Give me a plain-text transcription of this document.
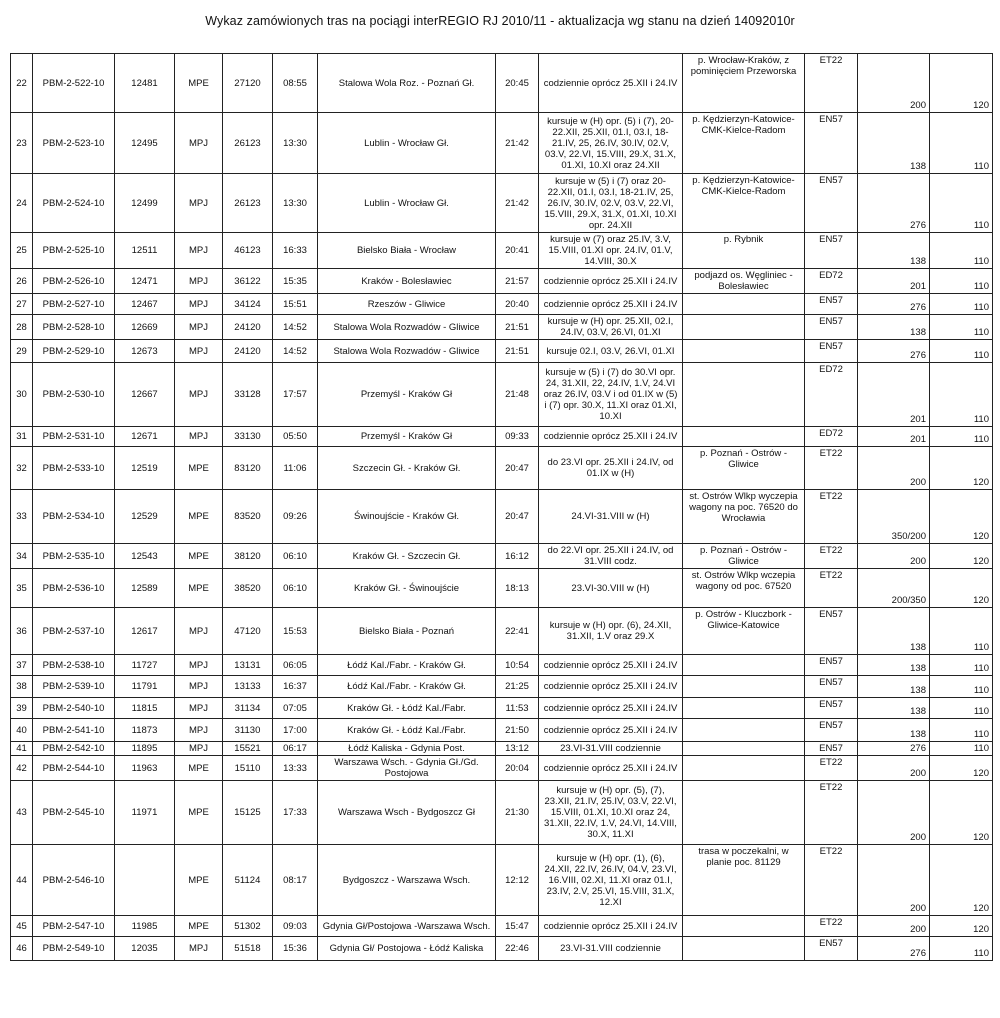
Wykaz zamówionych tras na pociągi interREGIO RJ 2010/11 - aktualizacja wg stanu na dzień 14092010r
22	PBM-2-522-10	12481	MPE	27120	08:55	Stalowa Wola Roz. - Poznań Gł.	20:45	codziennie oprócz 25.XII i 24.IV	p. Wrocław-Kraków, z pominięciem Przeworska	ET22	200	120
23	PBM-2-523-10	12495	MPJ	26123	13:30	Lublin - Wrocław Gł.	21:42	kursuje w (H) opr. (5) i (7), 20-22.XII, 25.XII, 01.I, 03.I, 18-21.IV, 25, 26.IV, 30.IV, 02.V, 03.V, 22.VI, 15.VIII, 29.X, 31.X, 01.XI, 10.XI oraz 24.XII	p. Kędzierzyn-Katowice-CMK-Kielce-Radom	EN57	138	110
24	PBM-2-524-10	12499	MPJ	26123	13:30	Lublin - Wrocław Gł.	21:42	kursuje w (5) i (7) oraz 20-22.XII, 01.I, 03.I, 18-21.IV, 25, 26.IV, 30.IV, 02.V, 03.V, 22.VI, 15.VIII, 29.X, 31.X, 01.XI, 10.XI opr. 24.XII	p. Kędzierzyn-Katowice-CMK-Kielce-Radom	EN57	276	110
25	PBM-2-525-10	12511	MPJ	46123	16:33	Bielsko Biała - Wrocław	20:41	kursuje w (7) oraz 25.IV, 3.V, 15.VIII, 01.XI opr. 24.IV, 01.V, 14.VIII, 30.X	p. Rybnik	EN57	138	110
26	PBM-2-526-10	12471	MPJ	36122	15:35	Kraków - Bolesławiec	21:57	codziennie oprócz 25.XII i 24.IV	podjazd os. Węgliniec - Bolesławiec	ED72	201	110
27	PBM-2-527-10	12467	MPJ	34124	15:51	Rzeszów - Gliwice	20:40	codziennie oprócz 25.XII i 24.IV		EN57	276	110
28	PBM-2-528-10	12669	MPJ	24120	14:52	Stalowa Wola Rozwadów - Gliwice	21:51	kursuje w (H) opr. 25.XII, 02.I, 24.IV, 03.V, 26.VI, 01.XI		EN57	138	110
29	PBM-2-529-10	12673	MPJ	24120	14:52	Stalowa Wola Rozwadów - Gliwice	21:51	kursuje 02.I, 03.V, 26.VI, 01.XI		EN57	276	110
30	PBM-2-530-10	12667	MPJ	33128	17:57	Przemyśl - Kraków Gł	21:48	kursuje w (5) i (7) do 30.VI opr. 24, 31.XII, 22, 24.IV, 1.V, 24.VI oraz 26.IV, 03.V i od 01.IX w (5) i (7) opr. 30.X, 11.XI oraz 01.XI, 10.XI		ED72	201	110
31	PBM-2-531-10	12671	MPJ	33130	05:50	Przemyśl - Kraków Gł	09:33	codziennie oprócz 25.XII i 24.IV		ED72	201	110
32	PBM-2-533-10	12519	MPE	83120	11:06	Szczecin Gł. - Kraków Gł.	20:47	do 23.VI opr. 25.XII i 24.IV, od 01.IX w (H)	p. Poznań - Ostrów - Gliwice	ET22	200	120
33	PBM-2-534-10	12529	MPE	83520	09:26	Świnoujście - Kraków Gł.	20:47	24.VI-31.VIII w (H)	st. Ostrów Wlkp wyczepia wagony na poc. 76520 do Wrocławia	ET22	350/200	120
34	PBM-2-535-10	12543	MPE	38120	06:10	Kraków Gł. - Szczecin Gł.	16:12	do 22.VI opr. 25.XII i 24.IV, od 31.VIII codz.	p. Poznań - Ostrów - Gliwice	ET22	200	120
35	PBM-2-536-10	12589	MPE	38520	06:10	Kraków Gł. - Świnoujście	18:13	23.VI-30.VIII w (H)	st. Ostrów Wlkp wczepia wagony od poc. 67520	ET22	200/350	120
36	PBM-2-537-10	12617	MPJ	47120	15:53	Bielsko Biała - Poznań	22:41	kursuje w (H) opr. (6), 24.XII, 31.XII, 1.V oraz 29.X	p. Ostrów - Kluczbork - Gliwice-Katowice	EN57	138	110
37	PBM-2-538-10	11727	MPJ	13131	06:05	Łódź Kal./Fabr. - Kraków Gł.	10:54	codziennie oprócz 25.XII i 24.IV		EN57	138	110
38	PBM-2-539-10	11791	MPJ	13133	16:37	Łódź Kal./Fabr. - Kraków Gł.	21:25	codziennie oprócz 25.XII i 24.IV		EN57	138	110
39	PBM-2-540-10	11815	MPJ	31134	07:05	Kraków Gł. - Łódź Kal./Fabr.	11:53	codziennie oprócz 25.XII i 24.IV		EN57	138	110
40	PBM-2-541-10	11873	MPJ	31130	17:00	Kraków Gł. - Łódź Kal./Fabr.	21:50	codziennie oprócz 25.XII i 24.IV		EN57	138	110
41	PBM-2-542-10	11895	MPJ	15521	06:17	Łódź Kaliska - Gdynia Post.	13:12	23.VI-31.VIII codziennie		EN57	276	110
42	PBM-2-544-10	11963	MPE	15110	13:33	Warszawa Wsch. - Gdynia Gł./Gd. Postojowa	20:04	codziennie oprócz 25.XII i 24.IV		ET22	200	120
43	PBM-2-545-10	11971	MPE	15125	17:33	Warszawa Wsch - Bydgoszcz Gł	21:30	kursuje w (H) opr. (5), (7), 23.XII, 21.IV, 25.IV, 03.V, 22.VI, 15.VIII, 01.XI, 10.XI oraz 24, 31.XII, 22.IV, 1.V, 24.VI, 14.VIII, 30.X, 11.XI		ET22	200	120
44	PBM-2-546-10		MPE	51124	08:17	Bydgoszcz - Warszawa Wsch.	12:12	kursuje w (H) opr. (1), (6), 24.XII, 22.IV, 26.IV, 04.V, 23.VI, 16.VIII, 02.XI, 11.XI oraz 01.I, 23.IV, 2.V, 25.VI, 15.VIII, 31.X, 12.XI	trasa w poczekalni, w planie poc. 81129	ET22	200	120
45	PBM-2-547-10	11985	MPE	51302	09:03	Gdynia Gł/Postojowa -Warszawa Wsch.	15:47	codziennie oprócz 25.XII i 24.IV		ET22	200	120
46	PBM-2-549-10	12035	MPJ	51518	15:36	Gdynia Gł/ Postojowa - Łódź Kaliska	22:46	23.VI-31.VIII codziennie		EN57	276	110
